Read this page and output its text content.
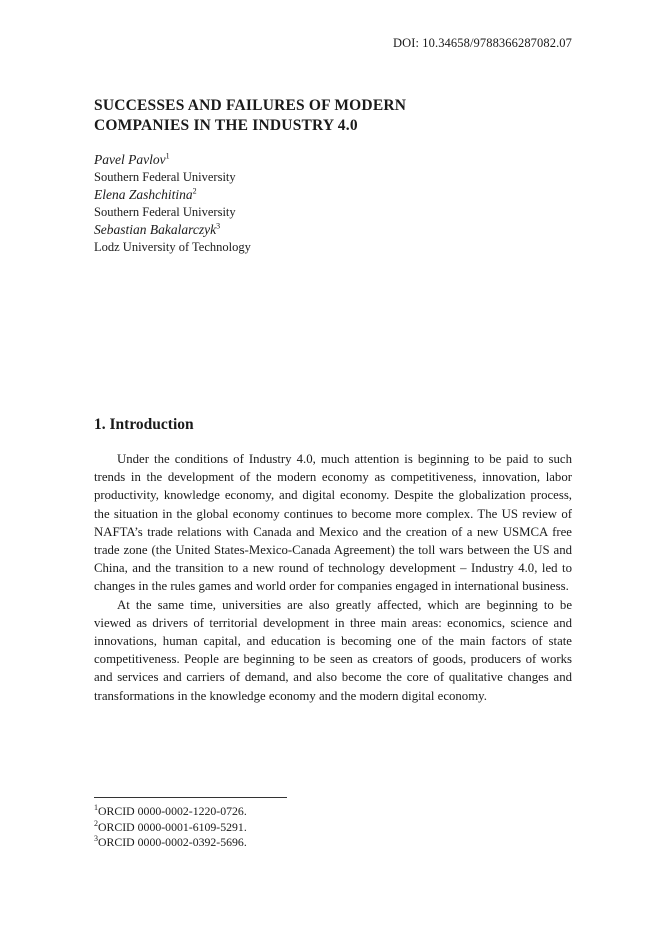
DOI: 10.34658/9788366287082.07
SUCCESSES AND FAILURES OF MODERN
COMPANIES IN THE INDUSTRY 4.0
Pavel Pavlov$^1$
Southern Federal University
Elena Zashchitina$^2$
Southern Federal University
Sebastian Bakalarczyk$^3$
Lodz University of Technology
1. Introduction

Under the conditions of Industry 4.0, much attention is beginning to be paid to such trends in the development of the modern economy as competitiveness, innovation, labor productivity, knowledge economy, and digital economy. Despite the globalization process, the situation in the global economy continues to become more complex. The US review of NAFTA’s trade relations with Canada and Mexico and the creation of a new USMCA free trade zone (the United States-Mexico-Canada Agreement) the toll wars between the US and China, and the transition to a new round of technology development – Industry 4.0, led to changes in the rules games and world order for companies engaged in international business.

At the same time, universities are also greatly affected, which are beginning to be viewed as drivers of territorial development in three main areas: economics, science and innovations, human capital, and education is becoming one of the main factors of state competitiveness. People are beginning to be seen as creators of goods, producers of works and services and carriers of demand, and also become the core of qualitative changes and transformations in the knowledge economy and the modern digital economy.

$^1$ORCID 0000-0002-1220-0726.
$^2$ORCID 0000-0001-6109-5291.
$^3$ORCID 0000-0002-0392-5696.
